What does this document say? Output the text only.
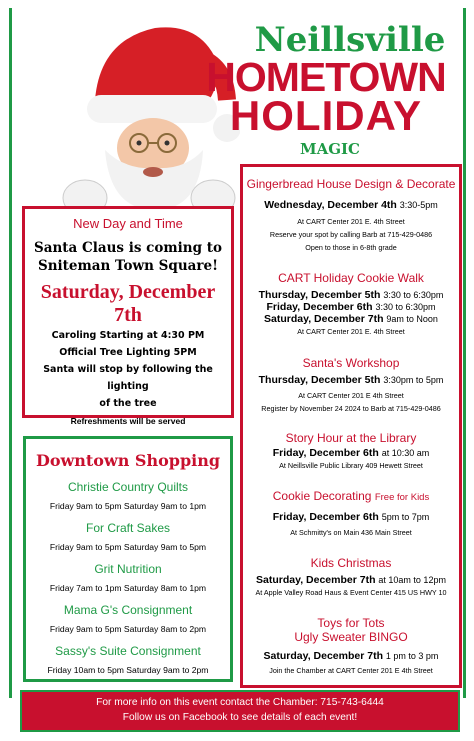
Neillsville
HOMETOWN
HOLIDAY
MAGIC
New Day and Time
Santa Claus is coming to Sniteman Town Square!
Saturday, December 7th
Caroling Starting at 4:30 PM
Official Tree Lighting 5PM
Santa will stop by following the lighting
of the tree
Refreshments will be served
Downtown Shopping
Christie Country Quilts
Friday 9am to 5pm Saturday 9am to 1pm
For Craft Sakes
Friday 9am to 5pm Saturday 9am to 5pm
Grit Nutrition
Friday 7am to 1pm Saturday 8am to 1pm
Mama G's Consignment
Friday 9am to 5pm Saturday 8am to 2pm
Sassy's Suite Consignment
Friday 10am to 5pm Saturday 9am to 2pm
Gingerbread House Design & Decorate
Wednesday, December 4th 3:30-5pm
At CART Center 201 E. 4th Street
Reserve your spot by calling Barb at 715-429-0486
Open to those in 6-8th grade
CART Holiday Cookie Walk
Thursday, December 5th 3:30 to 6:30pm
Friday, December 6th 3:30 to 6:30pm
Saturday, December 7th 9am to Noon
At CART Center 201 E. 4th Street
Santa's Workshop
Thursday, December 5th 3:30pm to 5pm
At CART Center 201 E 4th Street
Register by November 24 2024 to Barb at 715-429-0486
Story Hour at the Library
Friday, December 6th at 10:30 am
At Neillsville Public Library 409 Hewett Street
Cookie Decorating Free for Kids
Friday, December 6th 5pm to 7pm
At Schmitty's on Main 436 Main Street
Kids Christmas
Saturday, December 7th at 10am to 12pm
At Apple Valley Road Haus & Event Center 415 US HWY 10
Toys for Tots
Ugly Sweater BINGO
Saturday, December 7th 1 pm to 3 pm
Join the Chamber at CART Center 201 E 4th Street
For more info on this event contact the Chamber: 715-743-6444
Follow us on Facebook to see details of each event!
